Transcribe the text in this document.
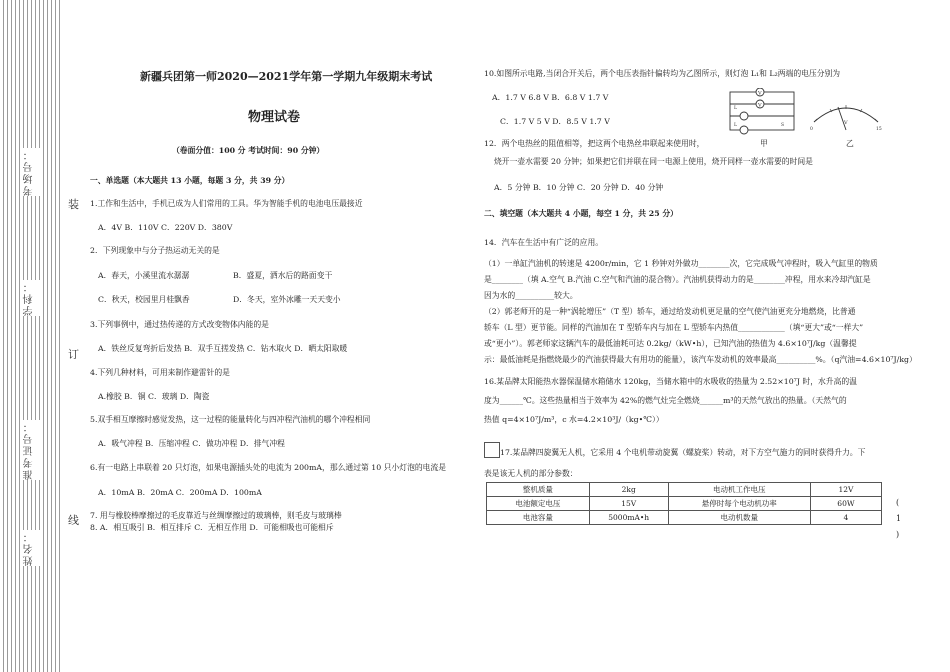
考场号：
学科：
准考证号：
姓名：
装
订
线
新疆兵团第一师2020—2021学年第一学期九年级期末考试
物理试卷
（卷面分值：100 分 考试时间：90 分钟）
一、单选题（本大题共 13 小题，每题 3 分，共 39 分）
1.工作和生活中，手机已成为人们常用的工具。华为智能手机的电池电压最接近
A．4V B．110V C．220V D．380V
2．下列现象中与分子热运动无关的是
A．春天，小溪里流水潺潺	B．盛夏，洒水后的路面变干
C．秋天，校园里月桂飘香	D．冬天，室外冰雕一天天变小
3.下列事例中，通过热传递的方式改变物体内能的是
A．铁丝反复弯折后发热 B．双手互搓发热 C．钻木取火 D．晒太阳取暖
4.下列几种材料，可用来制作避雷针的是
A.橡胶 B．铜 C．玻璃 D．陶瓷
5.双手相互摩擦时感觉发热，这一过程的能量转化与四冲程汽油机的哪个冲程相同
A．吸气冲程 B．压缩冲程 C．做功冲程 D．排气冲程
6.有一电路上串联着 20 只灯泡，如果电源插头处的电流为 200mA，那么通过第 10 只小灯泡的电流是
A．10mA B．20mA C．200mA D．100mA
7. 用与橡胶棒摩擦过的毛皮靠近与丝绸摩擦过的玻璃棒，则毛皮与玻璃棒
8. A．相互吸引 B．相互排斥 C．无相互作用 D．可能相吸也可能相斥
10.如图所示电路,当闭合开关后，两个电压表指针偏转均为乙图所示，则灯泡 L₁和 L₂两端的电压分别为
A．1.7 V 6.8 V B．6.8 V 1.7 V
C．1.7 V 5 V D．8.5 V 1.7 V
V
V
L
L	S
甲
0	15
V
乙
12．两个电热丝的阻值相等，把这两个电热丝串联起来使用时，
烧开一壶水需要 20 分钟；如果把它们并联在同一电源上使用，烧开同样一壶水需要的时间是
A．5 分钟 B．10 分钟 C．20 分钟 D．40 分钟
二、填空题（本大题共 4 小题，每空 1 分，共 25 分）
14．汽车在生活中有广泛的应用。
（1）一单缸汽油机的转速是 4200r/min，它 1 秒钟对外做功________次，它完成吸气冲程时，吸入气缸里的物质
是________（填 A.空气 B.汽油 C.空气和汽油的混合物）。汽油机获得动力的是________冲程，用水来冷却汽缸是
因为水的__________较大。
（2）郭老师开的是一种“涡轮增压”（T 型）轿车，通过给发动机更足量的空气使汽油更充分地燃烧，比普通
轿车（L 型）更节能。同样的汽油加在 T 型轿车内与加在 L 型轿车内热值____________（填“更大”或“一样大”
或“更小”）。郭老师家这辆汽车的最低油耗可达 0.2kg/（kW•h），已知汽油的热值为 4.6×10⁷J/kg（温馨提
示：最低油耗是指燃烧最少的汽油获得最大有用功的能量），该汽车发动机的效率最高__________%。（q汽油=4.6×10⁷J/kg）
16.某品牌太阳能热水器保温储水箱储水 120kg，当储水箱中的水吸收的热量为 2.52×10⁷J 时，水升高的温
度为______℃。这些热量相当于效率为 42%的燃气灶完全燃烧______m³的天然气放出的热量。（天然气的
热值 q=4×10⁷J/m³，c 水=4.2×10³J/（kg•℃））
17.某品牌四旋翼无人机，它采用 4 个电机带动旋翼（螺旋桨）转动，对下方空气施力的同时获得升力。下
表是该无人机的部分参数：
整机质量	2kg	电动机工作电压	12V
电池额定电压	15V	悬停时每个电动机功率	60W
电池容量	5000mA•h	电动机数量	4
(
1
)
